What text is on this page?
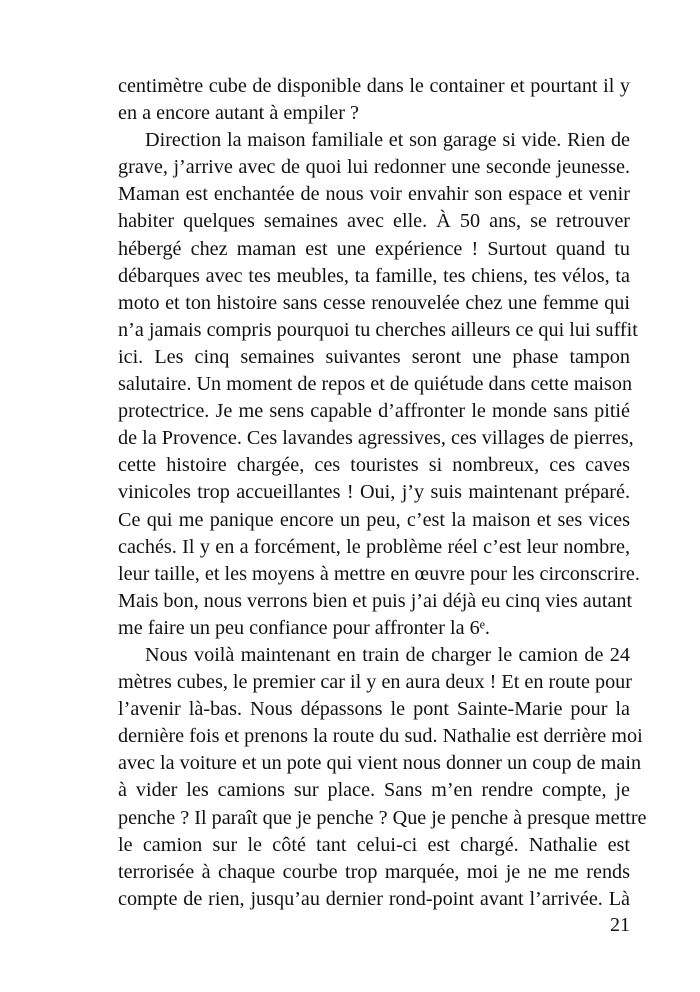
centimètre cube de disponible dans le container et pourtant il y
en a encore autant à empiler ?
Direction la maison familiale et son garage si vide. Rien de
grave, j’arrive avec de quoi lui redonner une seconde jeunesse.
Maman est enchantée de nous voir envahir son espace et venir
habiter quelques semaines avec elle. À 50 ans, se retrouver
hébergé chez maman est une expérience ! Surtout quand tu
débarques avec tes meubles, ta famille, tes chiens, tes vélos, ta
moto et ton histoire sans cesse renouvelée chez une femme qui
n’a jamais compris pourquoi tu cherches ailleurs ce qui lui suffit
ici. Les cinq semaines suivantes seront une phase tampon
salutaire. Un moment de repos et de quiétude dans cette maison
protectrice. Je me sens capable d’affronter le monde sans pitié
de la Provence. Ces lavandes agressives, ces villages de pierres,
cette histoire chargée, ces touristes si nombreux, ces caves
vinicoles trop accueillantes ! Oui, j’y suis maintenant préparé.
Ce qui me panique encore un peu, c’est la maison et ses vices
cachés. Il y en a forcément, le problème réel c’est leur nombre,
leur taille, et les moyens à mettre en œuvre pour les circonscrire.
Mais bon, nous verrons bien et puis j’ai déjà eu cinq vies autant
me faire un peu confiance pour affronter la 6ᵉ.
Nous voilà maintenant en train de charger le camion de 24
mètres cubes, le premier car il y en aura deux ! Et en route pour
l’avenir là-bas. Nous dépassons le pont Sainte-Marie pour la
dernière fois et prenons la route du sud. Nathalie est derrière moi
avec la voiture et un pote qui vient nous donner un coup de main
à vider les camions sur place. Sans m’en rendre compte, je
penche ? Il paraît que je penche ? Que je penche à presque mettre
le camion sur le côté tant celui-ci est chargé. Nathalie est
terrorisée à chaque courbe trop marquée, moi je ne me rends
compte de rien, jusqu’au dernier rond-point avant l’arrivée. Là
21
